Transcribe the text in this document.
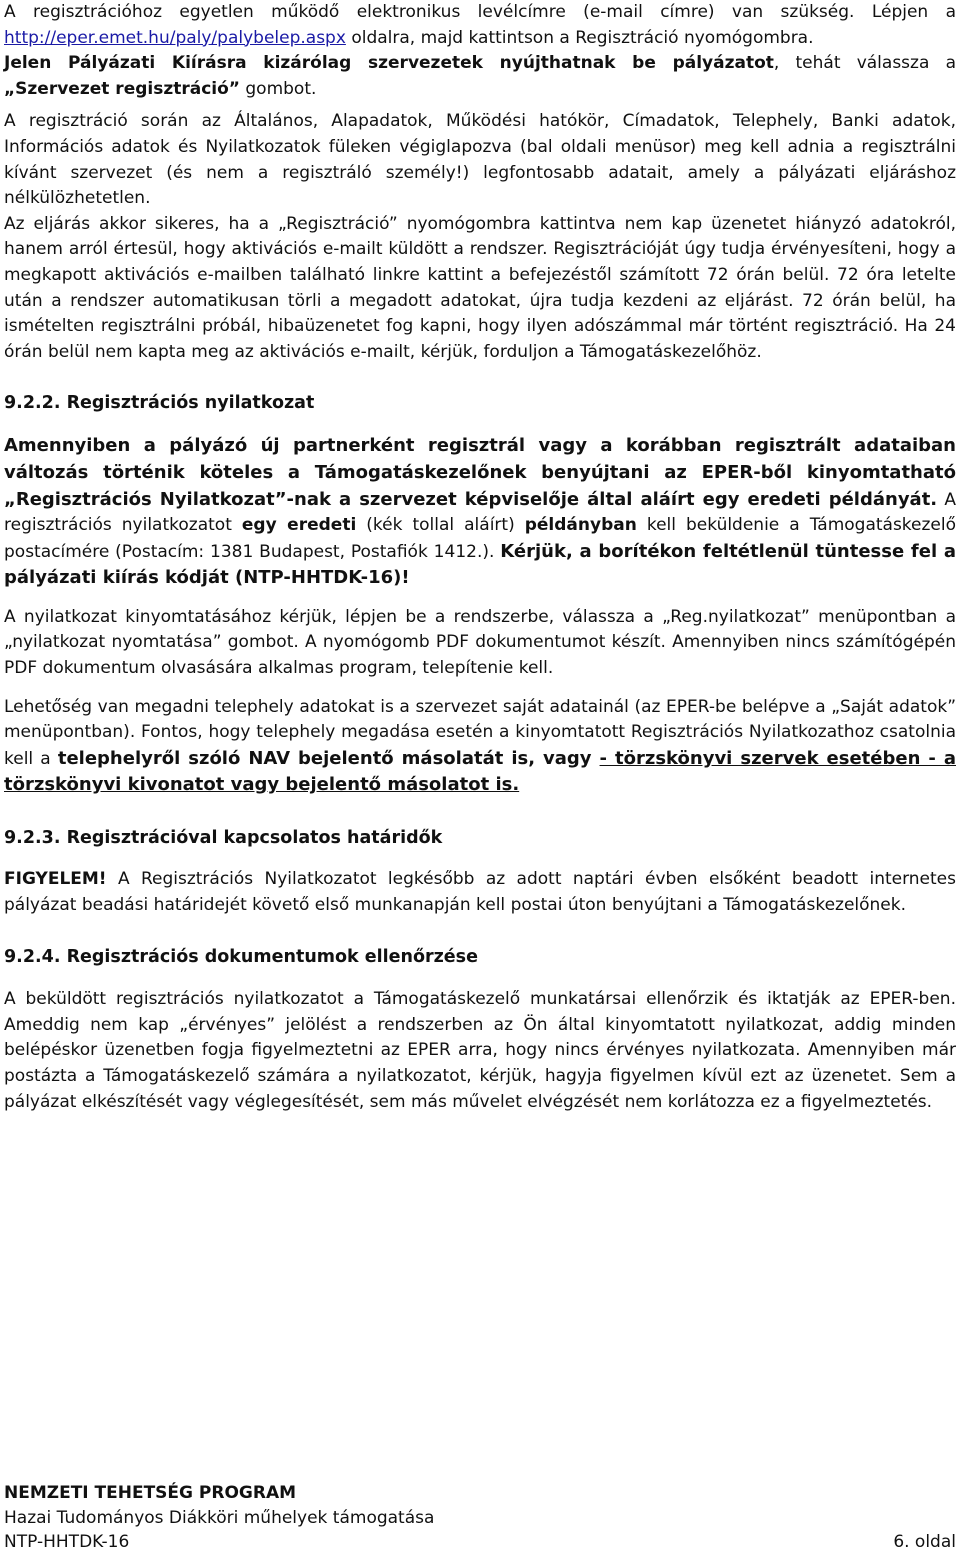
A regisztrációhoz egyetlen működő elektronikus levélcímre (e-mail címre) van szükség. Lépjen a http://eper.emet.hu/paly/palybelep.aspx oldalra, majd kattintson a Regisztráció nyomógombra.

Jelen Pályázati Kiírásra kizárólag szervezetek nyújthatnak be pályázatot, tehát válassza a „Szervezet regisztráció” gombot.

A regisztráció során az Általános, Alapadatok, Működési hatókör, Címadatok, Telephely, Banki adatok, Információs adatok és Nyilatkozatok füleken végiglapozva (bal oldali menüsor) meg kell adnia a regisztrálni kívánt szervezet (és nem a regisztráló személy!) legfontosabb adatait, amely a pályázati eljáráshoz nélkülözhetetlen.

Az eljárás akkor sikeres, ha a „Regisztráció” nyomógombra kattintva nem kap üzenetet hiányzó adatokról, hanem arról értesül, hogy aktivációs e-mailt küldött a rendszer. Regisztrációját úgy tudja érvényesíteni, hogy a megkapott aktivációs e-mailben található linkre kattint a befejezéstől számított 72 órán belül. 72 óra letelte után a rendszer automatikusan törli a megadott adatokat, újra tudja kezdeni az eljárást. 72 órán belül, ha ismételten regisztrálni próbál, hibaüzenetet fog kapni, hogy ilyen adószámmal már történt regisztráció. Ha 24 órán belül nem kapta meg az aktivációs e-mailt, kérjük, forduljon a Támogatáskezelőhöz.

9.2.2. Regisztrációs nyilatkozat

Amennyiben a pályázó új partnerként regisztrál vagy a korábban regisztrált adataiban változás történik köteles a Támogatáskezelőnek benyújtani az EPER-ből kinyomtatható „Regisztrációs Nyilatkozat”-nak a szervezet képviselője által aláírt egy eredeti példányát. A regisztrációs nyilatkozatot egy eredeti (kék tollal aláírt) példányban kell beküldenie a Támogatáskezelő postacímére (Postacím: 1381 Budapest, Postafiók 1412.). Kérjük, a borítékon feltétlenül tüntesse fel a pályázati kiírás kódját (NTP-HHTDK-16)!

A nyilatkozat kinyomtatásához kérjük, lépjen be a rendszerbe, válassza a „Reg.nyilatkozat” menüpontban a „nyilatkozat nyomtatása” gombot. A nyomógomb PDF dokumentumot készít. Amennyiben nincs számítógépén PDF dokumentum olvasására alkalmas program, telepítenie kell.

Lehetőség van megadni telephely adatokat is a szervezet saját adatainál (az EPER-be belépve a „Saját adatok” menüpontban). Fontos, hogy telephely megadása esetén a kinyomtatott Regisztrációs Nyilatkozathoz csatolnia kell a telephelyről szóló NAV bejelentő másolatát is, vagy - törzskönyvi szervek esetében - a törzskönyvi kivonatot vagy bejelentő másolatot is.

9.2.3. Regisztrációval kapcsolatos határidők

FIGYELEM! A Regisztrációs Nyilatkozatot legkésőbb az adott naptári évben elsőként beadott internetes pályázat beadási határidejét követő első munkanapján kell postai úton benyújtani a Támogatáskezelőnek.

9.2.4. Regisztrációs dokumentumok ellenőrzése

A beküldött regisztrációs nyilatkozatot a Támogatáskezelő munkatársai ellenőrzik és iktatják az EPER-ben. Ameddig nem kap „érvényes” jelölést a rendszerben az Ön által kinyomtatott nyilatkozat, addig minden belépéskor üzenetben fogja figyelmeztetni az EPER arra, hogy nincs érvényes nyilatkozata. Amennyiben már postázta a Támogatáskezelő számára a nyilatkozatot, kérjük, hagyja figyelmen kívül ezt az üzenetet. Sem a pályázat elkészítését vagy véglegesítését, sem más művelet elvégzését nem korlátozza ez a figyelmeztetés.

NEMZETI TEHETSÉG PROGRAM
Hazai Tudományos Diákköri műhelyek támogatása
NTP-HHTDK-16	6. oldal
